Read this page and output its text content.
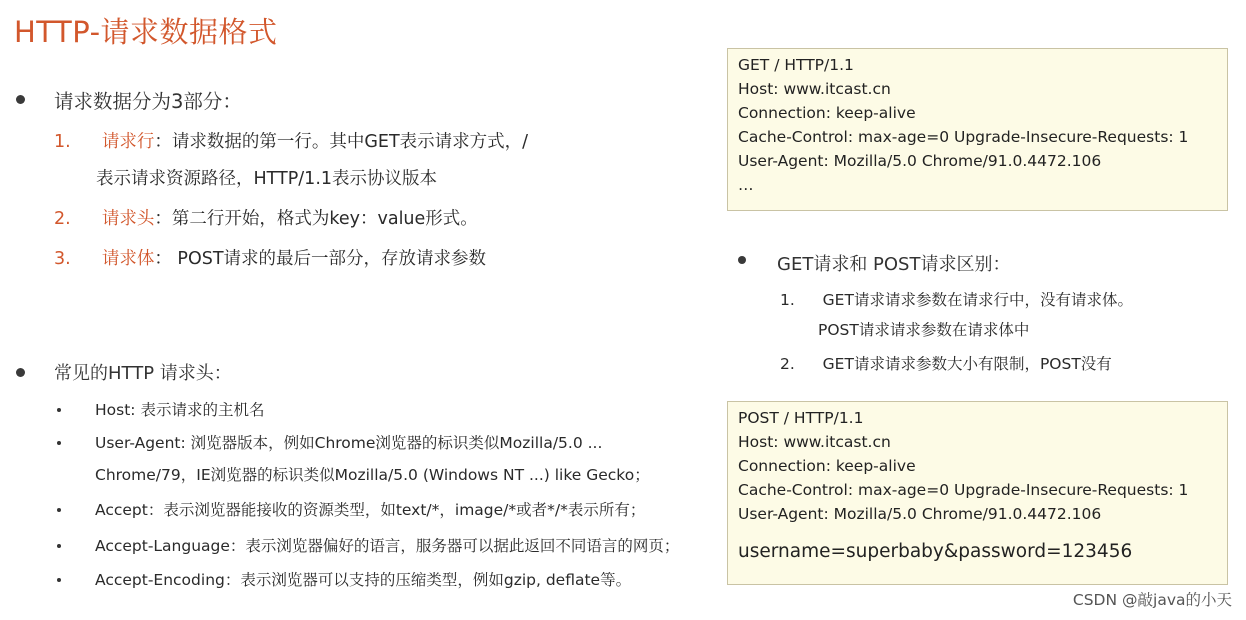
HTTP-请求数据格式
请求数据分为3部分：
1. 请求行：请求数据的第一行。其中GET表示请求方式，/
表示请求资源路径，HTTP/1.1表示协议版本
2. 请求头：第二行开始，格式为key：value形式。
3. 请求体： POST请求的最后一部分，存放请求参数
常见的HTTP 请求头：
Host: 表示请求的主机名
User-Agent: 浏览器版本，例如Chrome浏览器的标识类似Mozilla/5.0 ...
Chrome/79，IE浏览器的标识类似Mozilla/5.0 (Windows NT ...) like Gecko；
Accept：表示浏览器能接收的资源类型，如text/*，image/*或者*/*表示所有；
Accept-Language：表示浏览器偏好的语言，服务器可以据此返回不同语言的网页；
Accept-Encoding：表示浏览器可以支持的压缩类型，例如gzip, deflate等。
GET / HTTP/1.1
Host: www.itcast.cn
Connection: keep-alive
Cache-Control: max-age=0 Upgrade-Insecure-Requests: 1
User-Agent: Mozilla/5.0 Chrome/91.0.4472.106
…
GET请求和 POST请求区别：
1. GET请求请求参数在请求行中，没有请求体。
POST请求请求参数在请求体中
2. GET请求请求参数大小有限制，POST没有
POST / HTTP/1.1
Host: www.itcast.cn
Connection: keep-alive
Cache-Control: max-age=0 Upgrade-Insecure-Requests: 1
User-Agent: Mozilla/5.0 Chrome/91.0.4472.106
username=superbaby&password=123456
CSDN @敲java的小天
